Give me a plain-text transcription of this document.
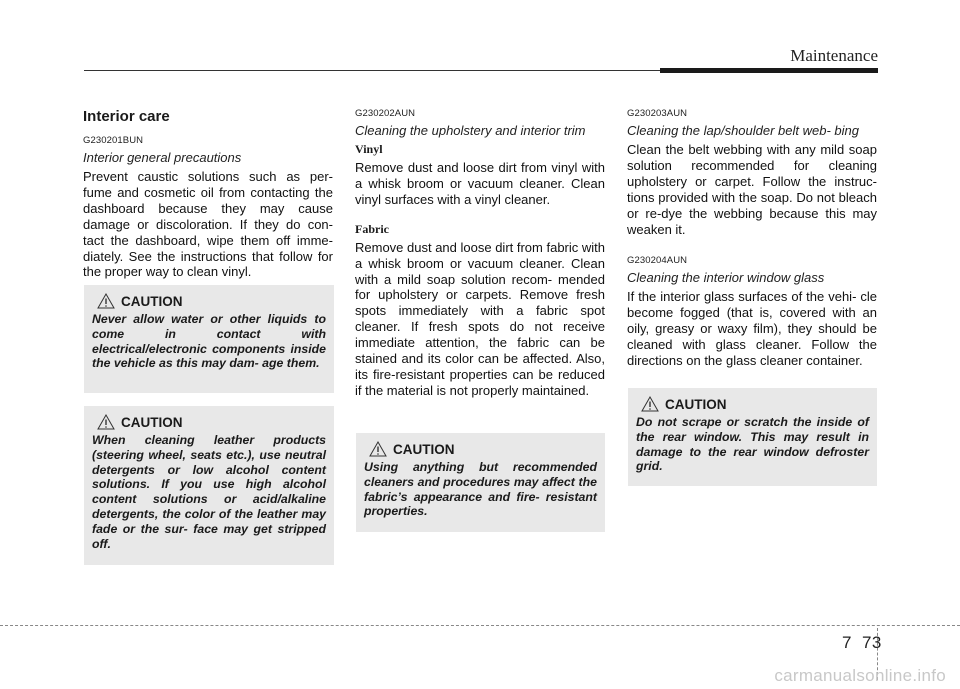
Maintenance
Interior care
G230201BUN
Interior general precautions

Prevent caustic solutions such as per- fume and cosmetic oil from contacting the dashboard because they may cause damage or discoloration. If they do con- tact the dashboard, wipe them off imme- diately. See the instructions that follow for the proper way to clean vinyl.

G230202AUN
Cleaning the upholstery and interior trim
Vinyl

Remove dust and loose dirt from vinyl with a whisk broom or vacuum cleaner. Clean vinyl surfaces with a vinyl cleaner.

Fabric

Remove dust and loose dirt from fabric with a whisk broom or vacuum cleaner. Clean with a mild soap solution recom- mended for upholstery or carpets. Remove fresh spots immediately with a fabric spot cleaner. If fresh spots do not receive immediate attention, the fabric can be stained and its color can be affected. Also, its fire-resistant properties can be reduced if the material is not properly maintained.

G230203AUN
Cleaning the lap/shoulder belt web- bing

Clean the belt webbing with any mild soap solution recommended for cleaning upholstery or carpet. Follow the instruc- tions provided with the soap. Do not bleach or re-dye the webbing because this may weaken it.

G230204AUN
Cleaning the interior window glass

If the interior glass surfaces of the vehi- cle become fogged (that is, covered with an oily, greasy or waxy film), they should be cleaned with glass cleaner. Follow the directions on the glass cleaner container.

CAUTION
Never allow water or other liquids to come in contact with electrical/electronic components inside the vehicle as this may dam- age them.
CAUTION
When cleaning leather products (steering wheel, seats etc.), use neutral detergents or low alcohol content solutions. If you use high alcohol content solutions or acid/alkaline detergents, the color of the leather may fade or the sur- face may get stripped off.
CAUTION
Using anything but recommended cleaners and procedures may affect the fabric’s appearance and fire- resistant properties.
CAUTION
Do not scrape or scratch the inside of the rear window. This may result in damage to the rear window defroster grid.
7 73
carmanualsonline.info
